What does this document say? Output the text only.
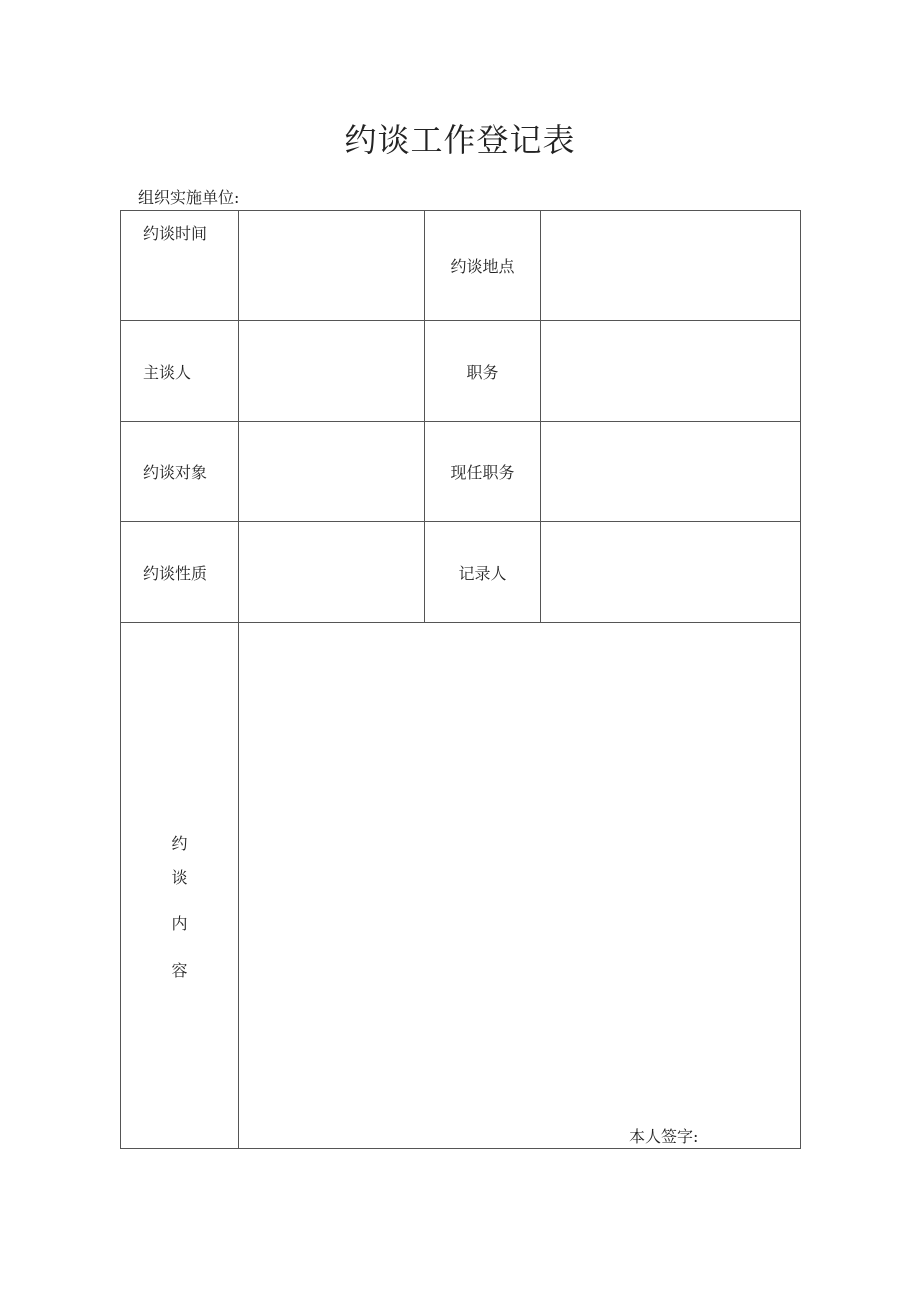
约谈工作登记表
组织实施单位:
约谈时间		约谈地点	
主谈人		职务	
约谈对象		现任职务	
约谈性质		记录人	

约
谈
内
容	本人签字:		
